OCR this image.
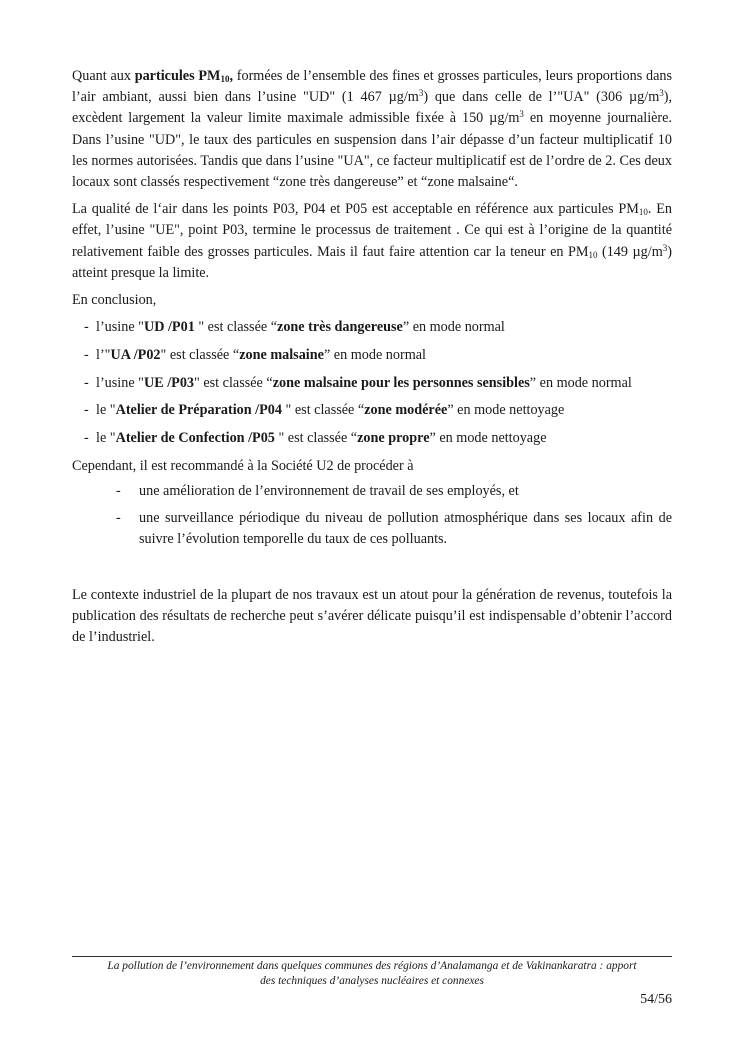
Quant aux particules $PM_{10}$, formées de l’ensemble des fines et grosses particules, leurs proportions dans l’air ambiant, aussi bien dans l’usine "UD" (1 467 $\mu g/m^3$) que dans celle de l’"UA" (306 $\mu g/m^3$), excèdent largement la valeur limite maximale admissible fixée à 150 $\mu g/m^3$ en moyenne journalière. Dans l’usine "UD", le taux des particules en suspension dans l’air dépasse d’un facteur multiplicatif 10 les normes autorisées. Tandis que dans l’usine "UA", ce facteur multiplicatif est de l’ordre de 2. Ces deux locaux sont classés respectivement “zone très dangereuse” et “zone malsaine“.

La qualité de l‘air dans les points P03, P04 et P05 est acceptable en référence aux particules $PM_{10}$. En effet, l’usine "UE", point P03, termine le processus de traitement . Ce qui est à l’origine de la quantité relativement faible des grosses particules. Mais il faut faire attention car la teneur en $PM_{10}$ (149 $\mu g/m^3$) atteint presque la limite.

En conclusion,

- l’usine "UD /P01 " est classée “zone très dangereuse” en mode normal
- l’"UA /P02" est classée “zone malsaine” en mode normal
- l’usine "UE /P03" est classée “zone malsaine pour les personnes sensibles” en mode normal
- le "Atelier de Préparation /P04 " est classée “zone modérée” en mode nettoyage
- le "Atelier de Confection /P05 " est classée “zone propre” en mode nettoyage

Cependant, il est recommandé à la Société U2 de procéder à

- une amélioration de l’environnement de travail de ses employés, et
- une surveillance périodique du niveau de pollution atmosphérique dans ses locaux afin de suivre l’évolution temporelle du taux de ces polluants.

Le contexte industriel de la plupart de nos travaux est un atout pour la génération de revenus, toutefois la publication des résultats de recherche peut s’avérer délicate puisqu’il est indispensable d’obtenir l’accord de l’industriel.

La pollution de l’environnement dans quelques communes des régions d’Analamanga et de Vakinankaratra : apport
des techniques d’analyses nucléaires et connexes
54/56
